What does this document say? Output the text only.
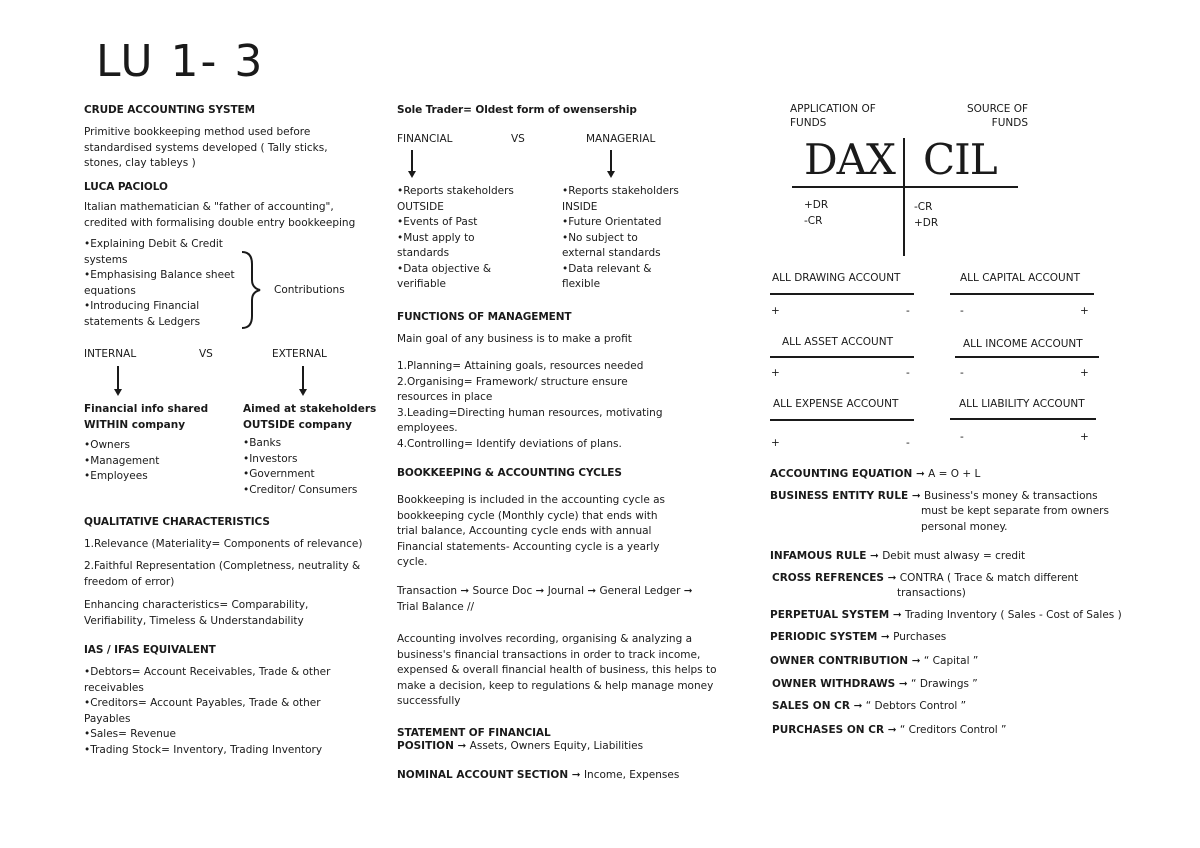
LU 1- 3
CRUDE ACCOUNTING SYSTEM
Primitive bookkeeping method used before
standardised systems developed ( Tally sticks,
stones, clay tableys )
LUCA PACIOLO
Italian mathematician & "father of accounting",
credited with formalising double entry bookkeeping
•Explaining Debit & Credit
systems
•Emphasising Balance sheet
equations
•Introducing Financial
statements & Ledgers
Contributions
INTERNAL	VS	EXTERNAL
Financial info shared
WITHIN company
•Owners
•Management
•Employees
Aimed at stakeholders
OUTSIDE company
•Banks
•Investors
•Government
•Creditor/ Consumers
QUALITATIVE CHARACTERISTICS
1.Relevance (Materiality= Components of relevance)
2.Faithful Representation (Completness, neutrality &
freedom of error)
Enhancing characteristics= Comparability,
Verifiability, Timeless & Understandability
IAS / IFAS EQUIVALENT
•Debtors= Account Receivables, Trade & other
receivables
•Creditors= Account Payables, Trade & other
Payables
•Sales= Revenue
•Trading Stock= Inventory, Trading Inventory
Sole Trader= Oldest form of owensership
FINANCIAL	VS	MANAGERIAL
•Reports stakeholders
OUTSIDE
•Events of Past
•Must apply to
standards
•Data objective &
verifiable
•Reports stakeholders
INSIDE
•Future Orientated
•No subject to
external standards
•Data relevant &
flexible
FUNCTIONS OF MANAGEMENT
Main goal of any business is to make a profit
1.Planning= Attaining goals, resources needed
2.Organising= Framework/ structure ensure
resources in place
3.Leading=Directing human resources, motivating
employees.
4.Controlling= Identify deviations of plans.
BOOKKEEPING & ACCOUNTING CYCLES
Bookkeeping is included in the accounting cycle as
bookkeeping cycle (Monthly cycle) that ends with
trial balance, Accounting cycle ends with annual
Financial statements- Accounting cycle is a yearly
cycle.
Transaction ➞ Source Doc ➞ Journal ➞ General Ledger ➞
Trial Balance //
Accounting involves recording, organising & analyzing a
business's financial transactions in order to track income,
expensed & overall financial health of business, this helps to
make a decision, keep to regulations & help manage money
successfully
STATEMENT OF FINANCIAL
POSITION ➞ Assets, Owners Equity, Liabilities
NOMINAL ACCOUNT SECTION ➞ Income, Expenses
APPLICATION OF
FUNDS
SOURCE OF
FUNDS
DAX CIL
+DR
-CR
-CR
+DR
ALL DRAWING ACCOUNT
+	-
ALL CAPITAL ACCOUNT
-	+
ALL ASSET ACCOUNT
+	-
ALL INCOME ACCOUNT
-	+
ALL EXPENSE ACCOUNT
+	-
ALL LIABILITY ACCOUNT
-	+
ACCOUNTING EQUATION ➞ A = O + L
BUSINESS ENTITY RULE ➞ Business's money & transactions
must be kept separate from owners
personal money.
INFAMOUS RULE ➞ Debit must alwasy = credit
CROSS REFRENCES ➞ CONTRA ( Trace & match different
transactions)
PERPETUAL SYSTEM ➞ Trading Inventory ( Sales - Cost of Sales )
PERIODIC SYSTEM ➞ Purchases
OWNER CONTRIBUTION ➞ “ Capital ”
OWNER WITHDRAWS ➞ “ Drawings ”
SALES ON CR ➞ “ Debtors Control ”
PURCHASES ON CR ➞ “ Creditors Control ”
